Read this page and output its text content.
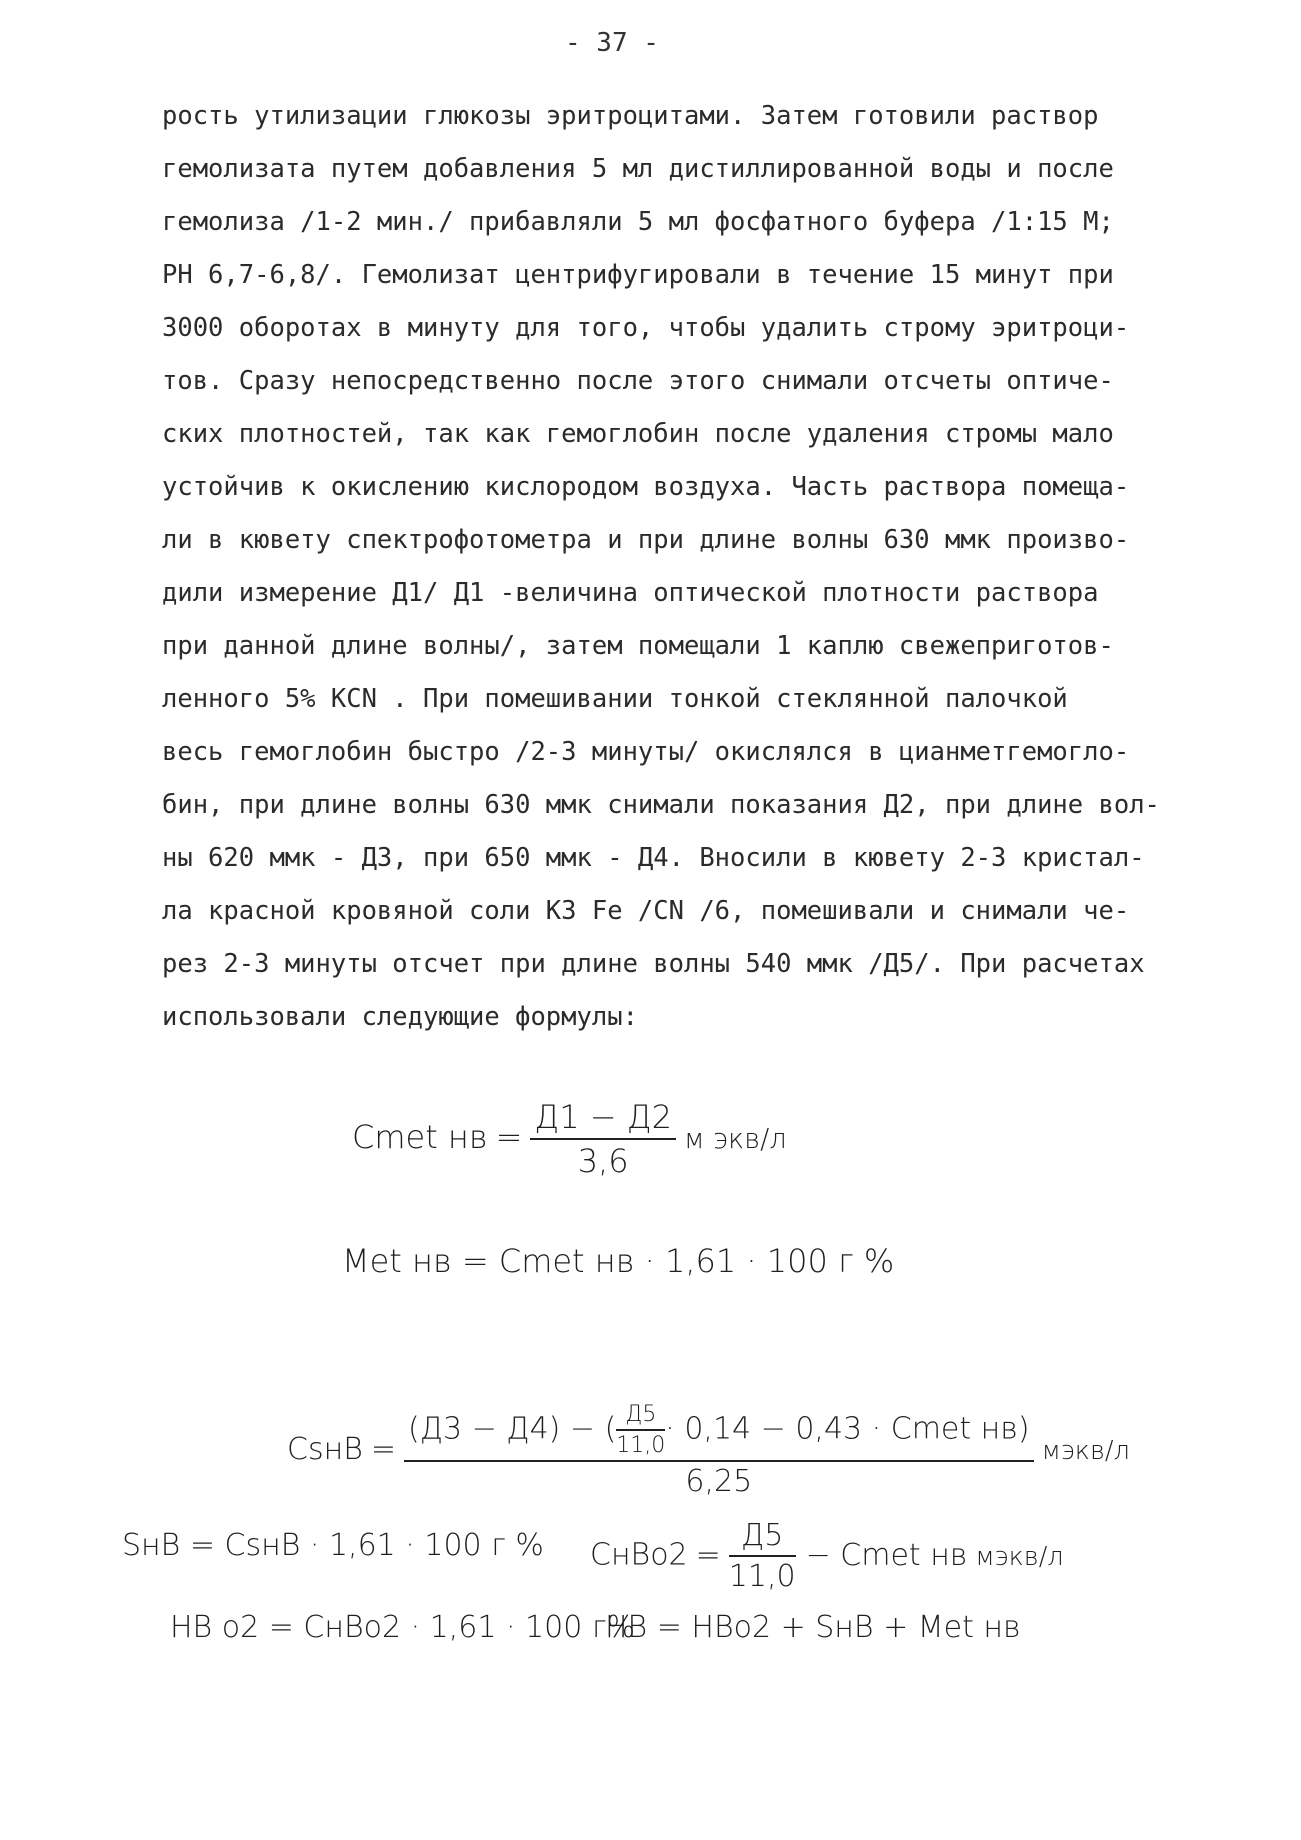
- 37 -
рость утилизации глюкозы эритроцитами. Затем готовили раствор
гемолизата путем добавления 5 мл дистиллированной воды и после
гемолиза /1-2 мин./ прибавляли 5 мл фосфатного буфера /1:15 М;
РН 6,7-6,8/. Гемолизат центрифугировали в течение 15 минут при
3000 оборотах в минуту для того, чтобы удалить строму эритроци-
тов. Сразу непосредственно после этого снимали отсчеты оптиче-
ских плотностей, так как гемоглобин после удаления стромы мало
устойчив к окислению кислородом воздуха. Часть раствора помеща-
ли в кювету спектрофотометра и при длине волны 630 ммк произво-
дили измерение Д1/ Д1 -величина оптической плотности раствора
при данной длине волны/, затем помещали 1 каплю свежеприготов-
ленного 5% KCN . При помешивании тонкой стеклянной палочкой
весь гемоглобин быстро /2-3 минуты/ окислялся в цианметгемогло-
бин, при длине волны 630 ммк снимали показания Д2, при длине вол-
ны 620 ммк - Д3, при 650 ммк - Д4. Вносили в кювету 2-3 кристал-
ла красной кровяной соли K3 Fe /CN /6, помешивали и снимали че-
рез 2-3 минуты отсчет при длине волны 540 ммк /Д5/. При расчетах
использовали следующие формулы:
Cmet нв = $\frac{Д1 - Д2}{3,6}$ м экв/л
Met нв = Cmet нв · 1,61 · 100 г %
CsнB = $\frac{(Д3 - Д4) - ( \frac{Д5}{11,0} \cdot 0,14 - 0,43 \cdot Cmet нв)}{6,25}$ мэкв/л
SнB = CsнB · 1,61 · 100 г % CнBo2 = $\frac{Д5}{11,0}$ − Cmet нв мэкв/л
HB o2 = CнBo2 · 1,61 · 100 г%
HB = HBo2 + SнB + Met нв
